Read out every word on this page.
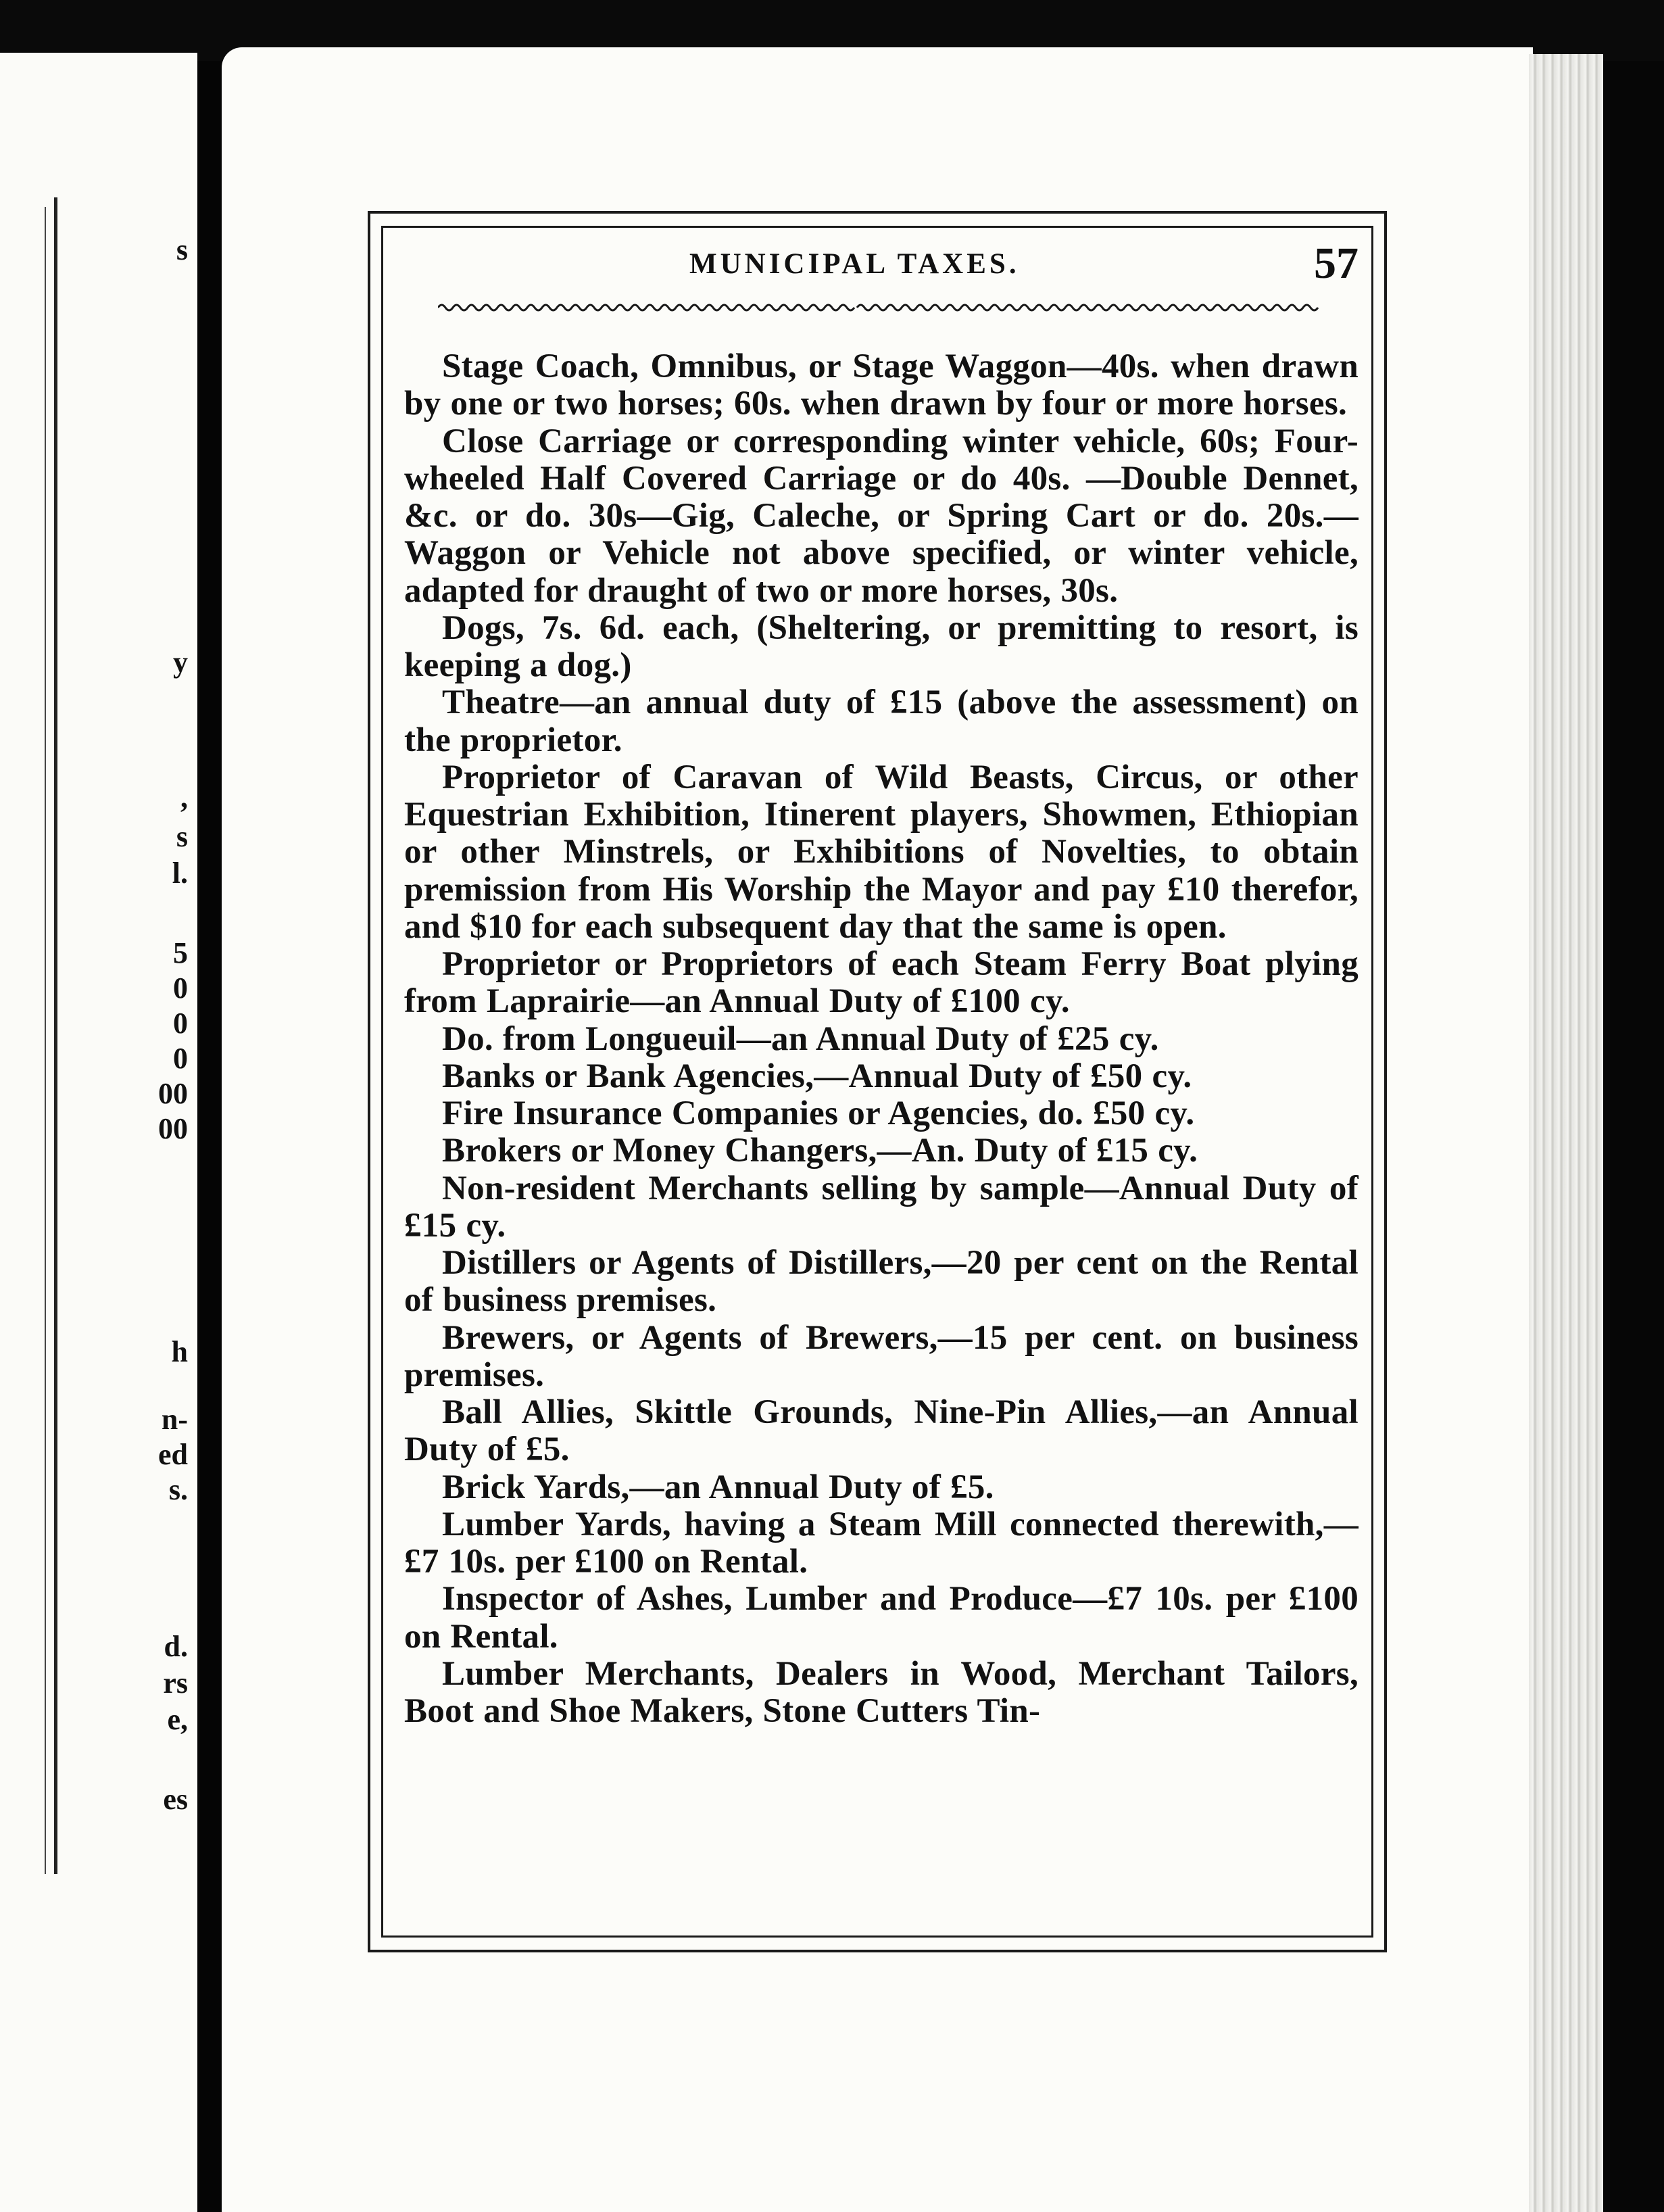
s
y
,
s
l.
5
0
0
0
00
00
h
n-
ed
s.
d.
rs
e,
es
MUNICIPAL TAXES.	57

Stage Coach, Omnibus, or Stage Waggon—40s. when drawn by one or two horses; 60s. when drawn by four or more horses.

Close Carriage or corresponding winter vehicle, 60s; Four-wheeled Half Covered Carriage or do 40s. —Double Dennet, &c. or do. 30s—Gig, Caleche, or Spring Cart or do. 20s.—Waggon or Vehicle not above specified, or winter vehicle, adapted for draught of two or more horses, 30s.

Dogs, 7s. 6d. each, (Sheltering, or premitting to resort, is keeping a dog.)

Theatre—an annual duty of £15 (above the assessment) on the proprietor.

Proprietor of Caravan of Wild Beasts, Circus, or other Equestrian Exhibition, Itinerent players, Showmen, Ethiopian or other Minstrels, or Exhibitions of Novelties, to obtain premission from His Worship the Mayor and pay £10 therefor, and $10 for each subsequent day that the same is open.

Proprietor or Proprietors of each Steam Ferry Boat plying from Laprairie—an Annual Duty of £100 cy.

Do. from Longueuil—an Annual Duty of £25 cy.

Banks or Bank Agencies,—Annual Duty of £50 cy.

Fire Insurance Companies or Agencies, do. £50 cy.

Brokers or Money Changers,—An. Duty of £15 cy.

Non-resident Merchants selling by sample—Annual Duty of £15 cy.

Distillers or Agents of Distillers,—20 per cent on the Rental of business premises.

Brewers, or Agents of Brewers,—15 per cent. on business premises.

Ball Allies, Skittle Grounds, Nine-Pin Allies,—an Annual Duty of £5.

Brick Yards,—an Annual Duty of £5.

Lumber Yards, having a Steam Mill connected therewith,—£7 10s. per £100 on Rental.

Inspector of Ashes, Lumber and Produce—£7 10s. per £100 on Rental.

Lumber Merchants, Dealers in Wood, Merchant Tailors, Boot and Shoe Makers, Stone Cutters Tin-
